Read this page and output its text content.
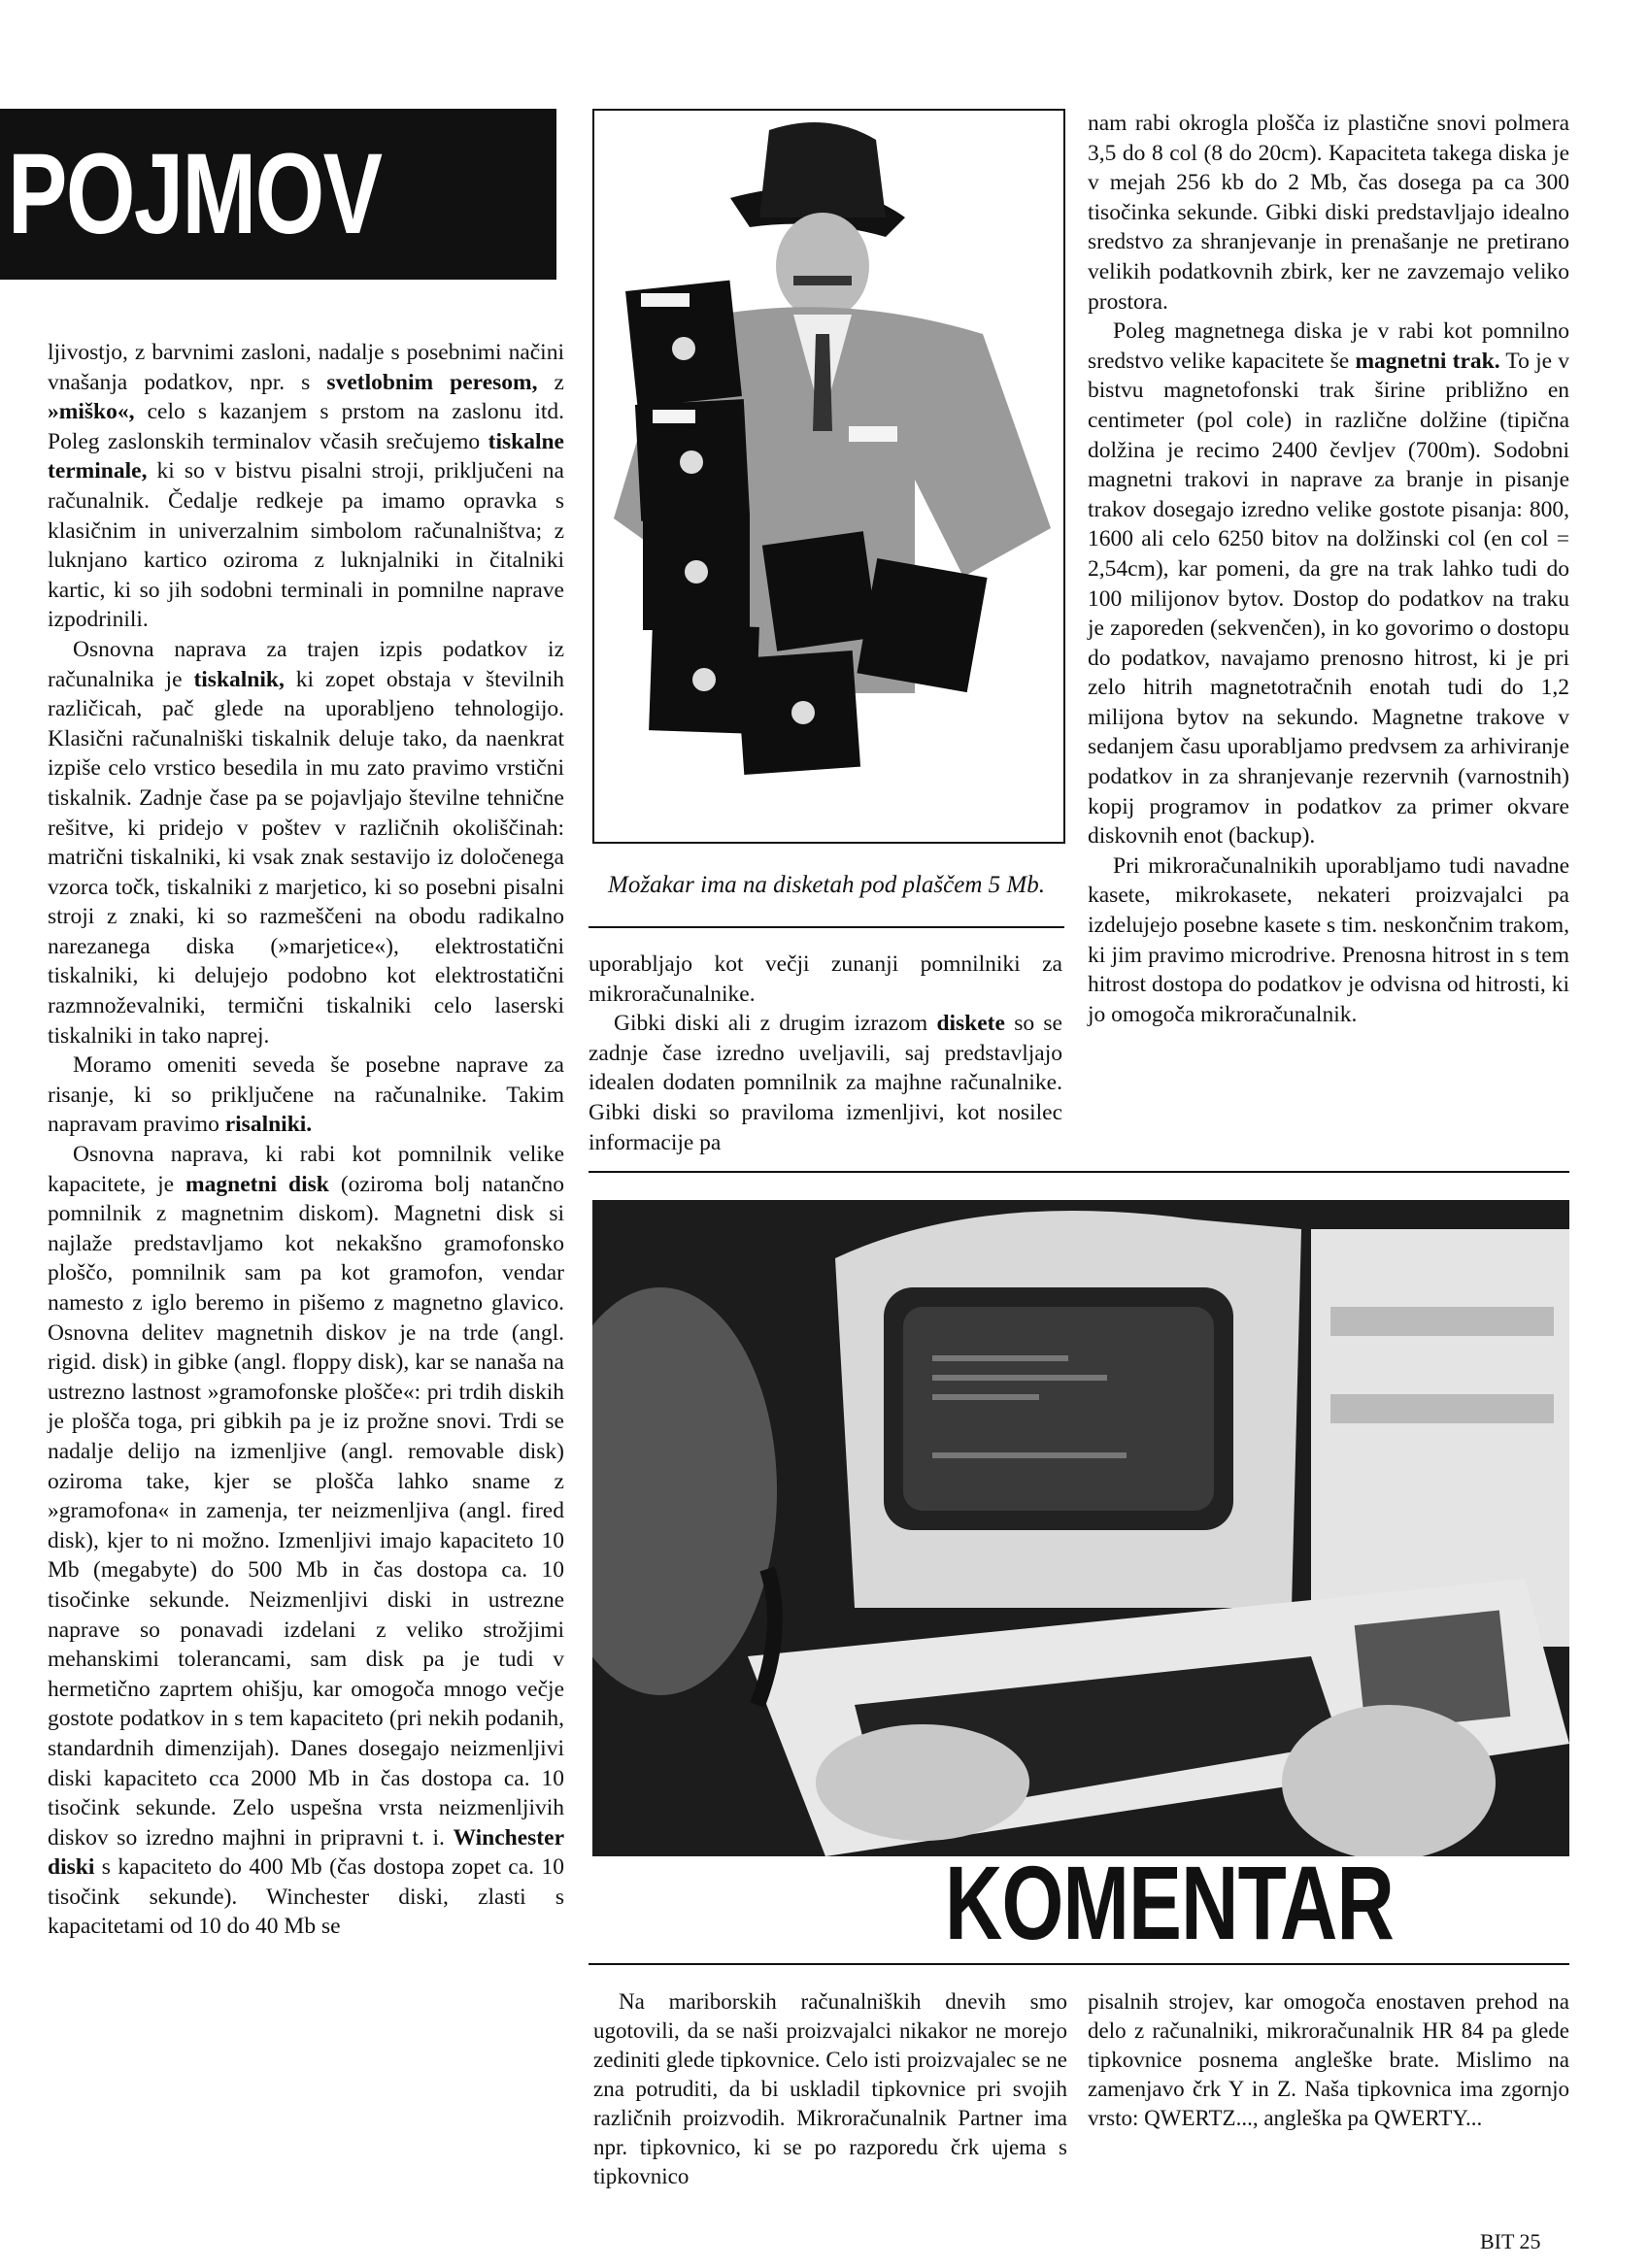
POJMOV

ljivostjo, z barvnimi zasloni, nadalje s posebnimi načini vnašanja podatkov, npr. s svetlobnim peresom, z »miško«, celo s kazanjem s prstom na zaslonu itd. Poleg zaslonskih terminalov včasih srečujemo tiskalne terminale, ki so v bistvu pisalni stroji, priključeni na računalnik. Čedalje redkeje pa imamo opravka s klasičnim in univerzalnim simbolom računalništva; z luknjano kartico oziroma z luknjalniki in čitalniki kartic, ki so jih sodobni terminali in pomnilne naprave izpodrinili.

Osnovna naprava za trajen izpis podatkov iz računalnika je tiskalnik, ki zopet obstaja v številnih različicah, pač glede na uporabljeno tehnologijo. Klasični računalniški tiskalnik deluje tako, da naenkrat izpiše celo vrstico besedila in mu zato pravimo vrstični tiskalnik. Zadnje čase pa se pojavljajo številne tehnične rešitve, ki pridejo v poštev v različnih okoliščinah: matrični tiskalniki, ki vsak znak sestavijo iz določenega vzorca točk, tiskalniki z marjetico, ki so posebni pisalni stroji z znaki, ki so razmeščeni na obodu radikalno narezanega diska (»marjetice«), elektrostatični tiskalniki, ki delujejo podobno kot elektrostatični razmnoževalniki, termični tiskalniki celo laserski tiskalniki in tako naprej.

Moramo omeniti seveda še posebne naprave za risanje, ki so priključene na računalnike. Takim napravam pravimo risalniki.

Osnovna naprava, ki rabi kot pomnilnik velike kapacitete, je magnetni disk (oziroma bolj natančno pomnilnik z magnetnim diskom). Magnetni disk si najlaže predstavljamo kot nekakšno gramofonsko ploščo, pomnilnik sam pa kot gramofon, vendar namesto z iglo beremo in pišemo z magnetno glavico. Osnovna delitev magnetnih diskov je na trde (angl. rigid. disk) in gibke (angl. floppy disk), kar se nanaša na ustrezno lastnost »gramofonske plošče«: pri trdih diskih je plošča toga, pri gibkih pa je iz prožne snovi. Trdi se nadalje delijo na izmenljive (angl. removable disk) oziroma take, kjer se plošča lahko sname z »gramofona« in zamenja, ter neizmenljiva (angl. fired disk), kjer to ni možno. Izmenljivi imajo kapaciteto 10 Mb (megabyte) do 500 Mb in čas dostopa ca. 10 tisočinke sekunde. Neizmenljivi diski in ustrezne naprave so ponavadi izdelani z veliko strožjimi mehanskimi tolerancami, sam disk pa je tudi v hermetično zaprtem ohišju, kar omogoča mnogo večje gostote podatkov in s tem kapaciteto (pri nekih podanih, standardnih dimenzijah). Danes dosegajo neizmenljivi diski kapaciteto cca 2000 Mb in čas dostopa ca. 10 tisočink sekunde. Zelo uspešna vrsta neizmenljivih diskov so izredno majhni in pripravni t. i. Winchester diski s kapaciteto do 400 Mb (čas dostopa zopet ca. 10 tisočink sekunde). Winchester diski, zlasti s kapacitetami od 10 do 40 Mb se

Možakar ima na disketah pod plaščem 5 Mb.

uporabljajo kot večji zunanji pomnilniki za mikroračunalnike.

Gibki diski ali z drugim izrazom diskete so se zadnje čase izredno uveljavili, saj predstavljajo idealen dodaten pomnilnik za majhne računalnike. Gibki diski so praviloma izmenljivi, kot nosilec informacije pa

nam rabi okrogla plošča iz plastične snovi polmera 3,5 do 8 col (8 do 20cm). Kapaciteta takega diska je v mejah 256 kb do 2 Mb, čas dosega pa ca 300 tisočinka sekunde. Gibki diski predstavljajo idealno sredstvo za shranjevanje in prenašanje ne pretirano velikih podatkovnih zbirk, ker ne zavzemajo veliko prostora.

Poleg magnetnega diska je v rabi kot pomnilno sredstvo velike kapacitete še magnetni trak. To je v bistvu magnetofonski trak širine približno en centimeter (pol cole) in različne dolžine (tipična dolžina je recimo 2400 čevljev (700m). Sodobni magnetni trakovi in naprave za branje in pisanje trakov dosegajo izredno velike gostote pisanja: 800, 1600 ali celo 6250 bitov na dolžinski col (en col = 2,54cm), kar pomeni, da gre na trak lahko tudi do 100 milijonov bytov. Dostop do podatkov na traku je zaporeden (sekvenčen), in ko govorimo o dostopu do podatkov, navajamo prenosno hitrost, ki je pri zelo hitrih magnetotračnih enotah tudi do 1,2 milijona bytov na sekundo. Magnetne trakove v sedanjem času uporabljamo predvsem za arhiviranje podatkov in za shranjevanje rezervnih (varnostnih) kopij programov in podatkov za primer okvare diskovnih enot (backup).

Pri mikroračunalnikih uporabljamo tudi navadne kasete, mikrokasete, nekateri proizvajalci pa izdelujejo posebne kasete s tim. neskončnim trakom, ki jim pravimo microdrive. Prenosna hitrost in s tem hitrost dostopa do podatkov je odvisna od hitrosti, ki jo omogoča mikroračunalnik.

KOMENTAR

Na mariborskih računalniških dnevih smo ugotovili, da se naši proizvajalci nikakor ne morejo zediniti glede tipkovnice. Celo isti proizvajalec se ne zna potruditi, da bi uskladil tipkovnice pri svojih različnih proizvodih. Mikroračunalnik Partner ima npr. tipkovnico, ki se po razporedu črk ujema s tipkovnico

pisalnih strojev, kar omogoča enostaven prehod na delo z računalniki, mikroračunalnik HR 84 pa glede tipkovnice posnema angleške brate. Mislimo na zamenjavo črk Y in Z. Naša tipkovnica ima zgornjo vrsto: QWERTZ..., angleška pa QWERTY...

BIT 25
